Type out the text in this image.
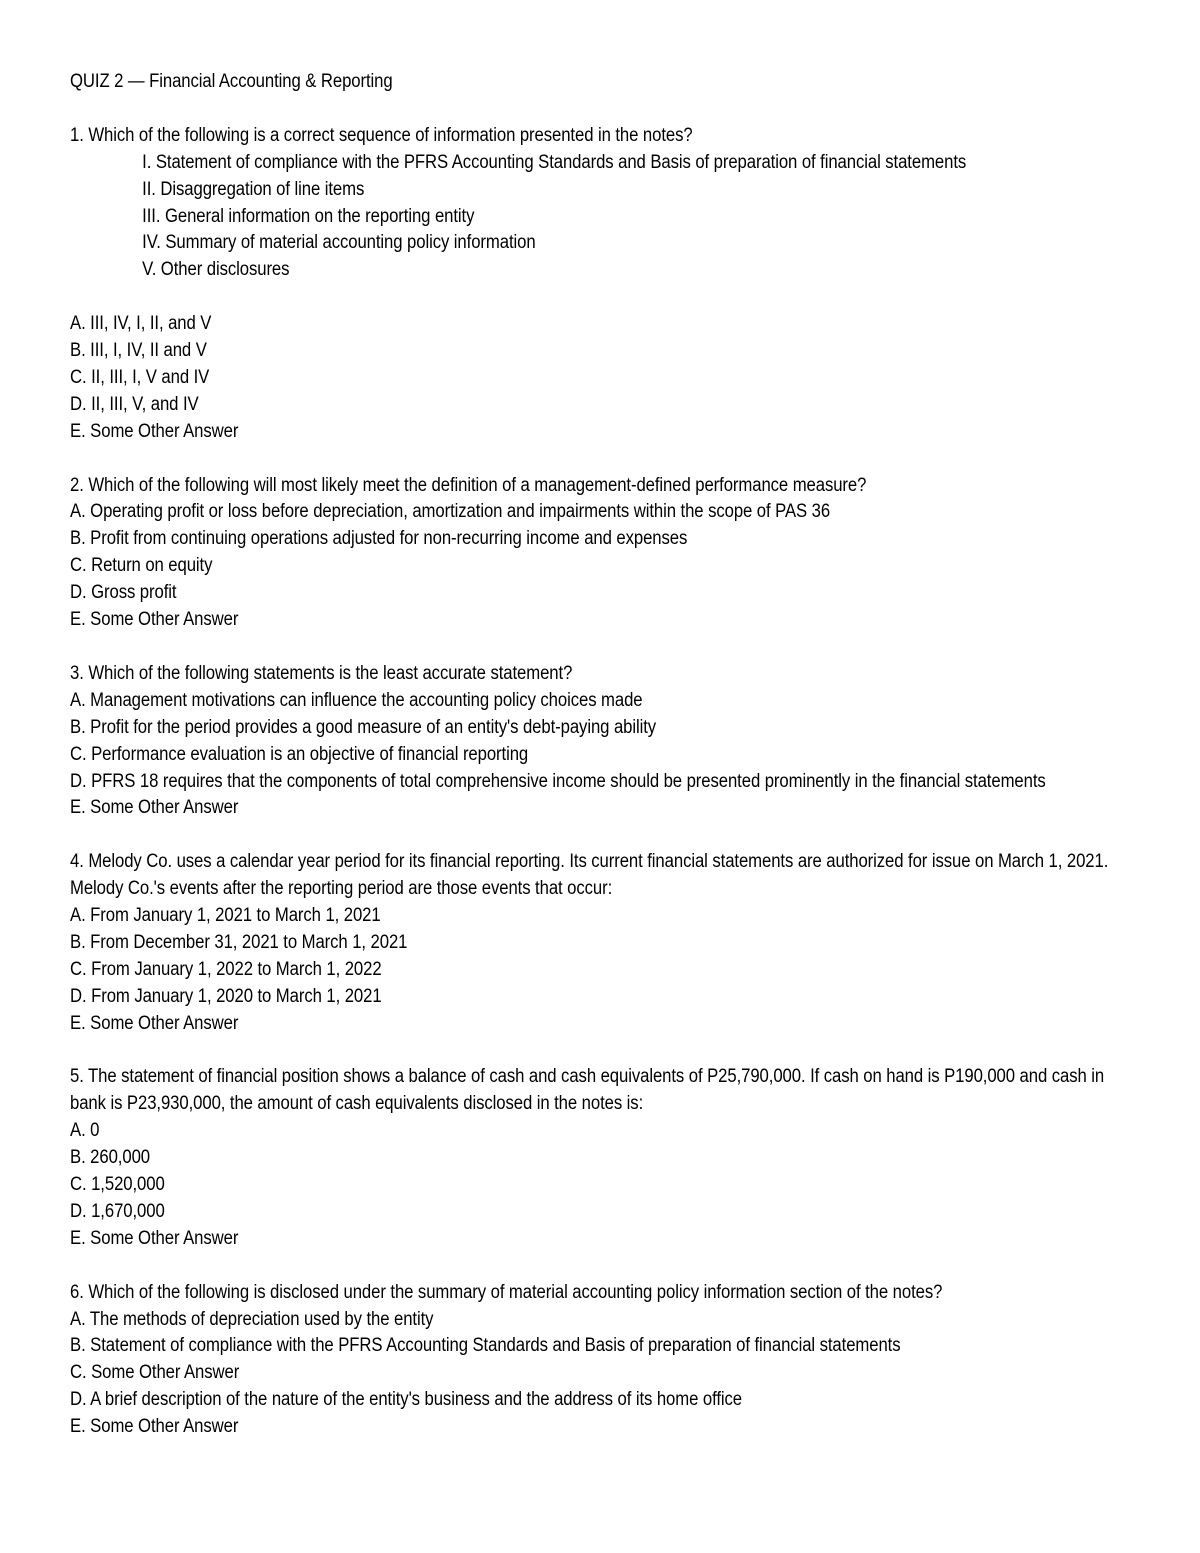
QUIZ 2 — Financial Accounting & Reporting
1. Which of the following is a correct sequence of information presented in the notes?
I. Statement of compliance with the PFRS Accounting Standards and Basis of preparation of financial statements
II. Disaggregation of line items
III. General information on the reporting entity
IV. Summary of material accounting policy information
V. Other disclosures
A. III, IV, I, II, and V
B. III, I, IV, II and V
C. II, III, I, V and IV
D. II, III, V, and IV
E. Some Other Answer
2. Which of the following will most likely meet the definition of a management-defined performance measure?
A. Operating profit or loss before depreciation, amortization and impairments within the scope of PAS 36
B. Profit from continuing operations adjusted for non-recurring income and expenses
C. Return on equity
D. Gross profit
E. Some Other Answer
3. Which of the following statements is the least accurate statement?
A. Management motivations can influence the accounting policy choices made
B. Profit for the period provides a good measure of an entity's debt-paying ability
C. Performance evaluation is an objective of financial reporting
D. PFRS 18 requires that the components of total comprehensive income should be presented prominently in the financial statements
E. Some Other Answer
4. Melody Co. uses a calendar year period for its financial reporting. Its current financial statements are authorized for issue on March 1, 2021. Melody Co.'s events after the reporting period are those events that occur:
A. From January 1, 2021 to March 1, 2021
B. From December 31, 2021 to March 1, 2021
C. From January 1, 2022 to March 1, 2022
D. From January 1, 2020 to March 1, 2021
E. Some Other Answer
5. The statement of financial position shows a balance of cash and cash equivalents of P25,790,000. If cash on hand is P190,000 and cash in bank is P23,930,000, the amount of cash equivalents disclosed in the notes is:
A. 0
B. 260,000
C. 1,520,000
D. 1,670,000
E. Some Other Answer
6. Which of the following is disclosed under the summary of material accounting policy information section of the notes?
A. The methods of depreciation used by the entity
B. Statement of compliance with the PFRS Accounting Standards and Basis of preparation of financial statements
C. Some Other Answer
D. A brief description of the nature of the entity's business and the address of its home office
E. Some Other Answer
